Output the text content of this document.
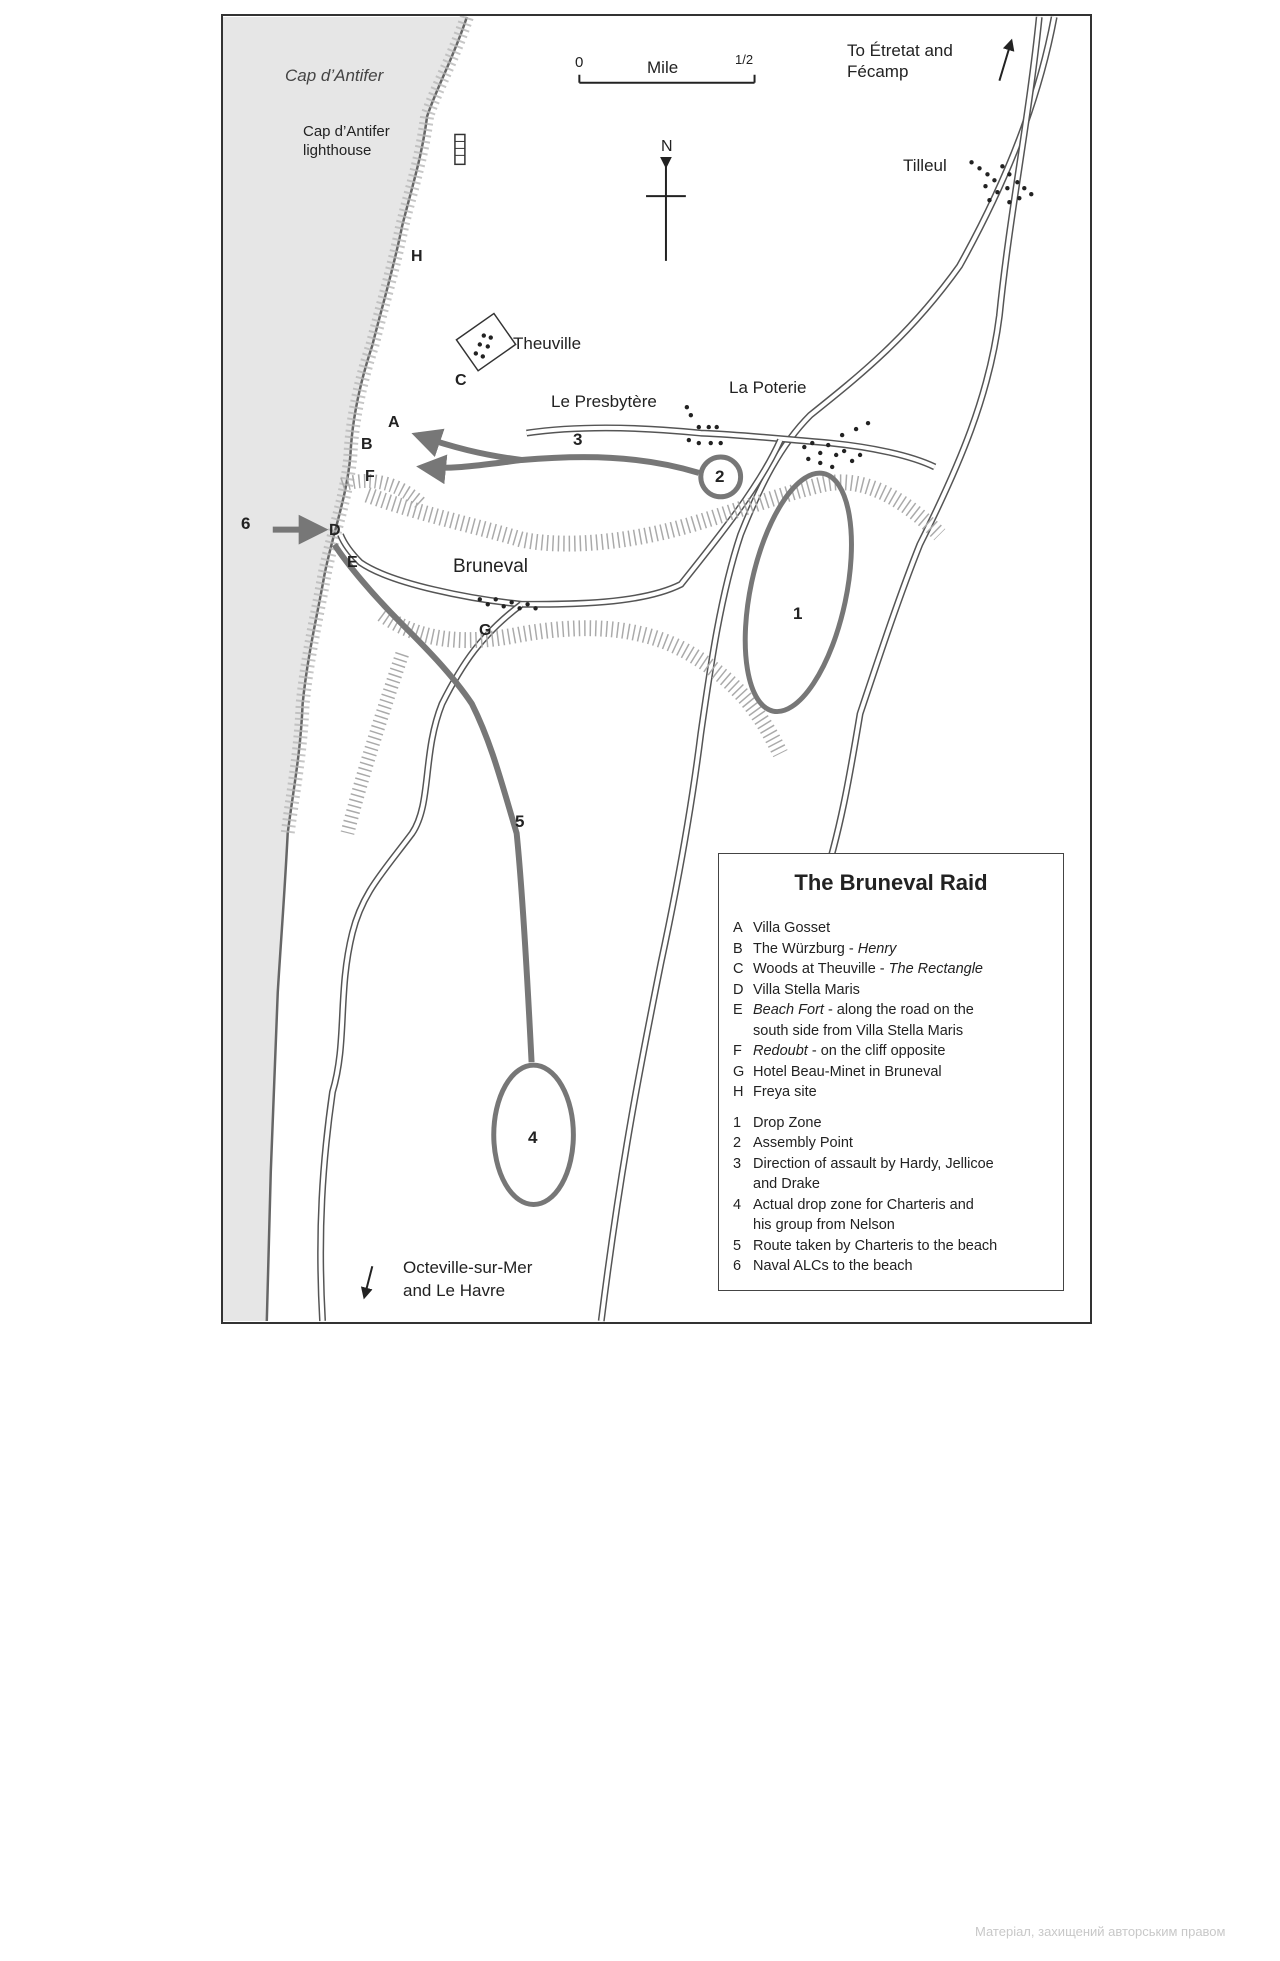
Cap d’Antifer
Cap d’Antifer
lighthouse
Theuville
Le Presbytère
La Poterie
Bruneval
Tilleul
To Étretat and
Fécamp
Octeville-sur-Mer
and Le Havre
0	Mile	1/2
N
A
B
C
D
E
F
G
H
1
2
3
4
5
6
The Bruneval Raid
A Villa Gosset
B The Würzburg - Henry
C Woods at Theuville - The Rectangle
D Villa Stella Maris
E Beach Fort - along the road on the
south side from Villa Stella Maris
F Redoubt - on the cliff opposite
G Hotel Beau-Minet in Bruneval
H Freya site
1 Drop Zone
2 Assembly Point
3 Direction of assault by Hardy, Jellicoe
and Drake
4 Actual drop zone for Charteris and
his group from Nelson
5 Route taken by Charteris to the beach
6 Naval ALCs to the beach
Матеріал, захищений авторським правом
